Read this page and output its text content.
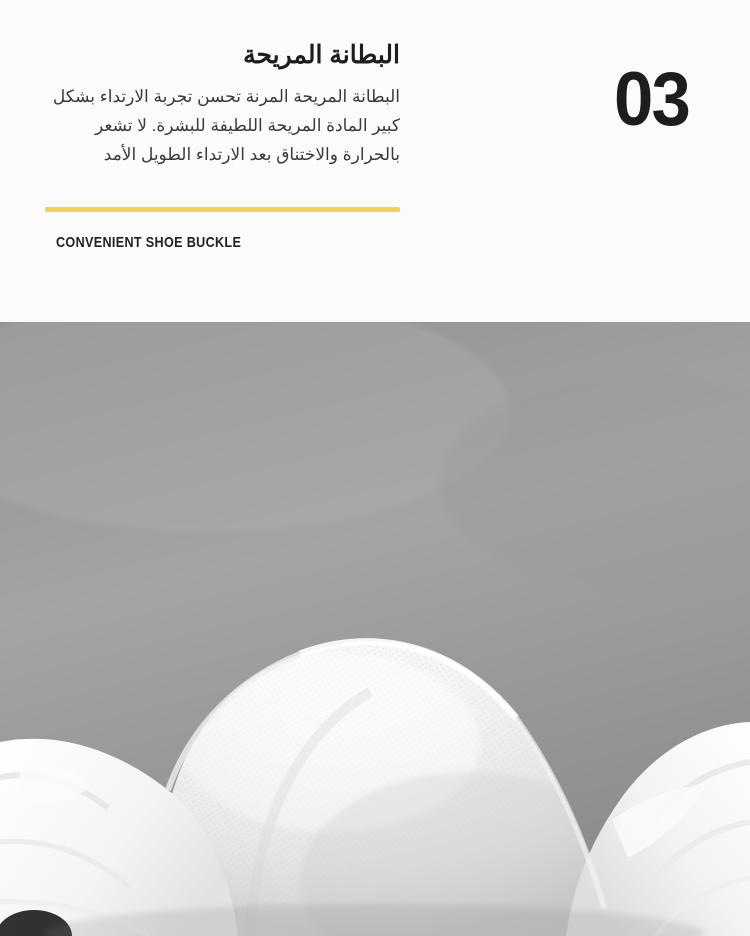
البطانة المريحة
البطانة المريحة المرنة تحسن تجربة الارتداء بشكل كبير المادة المريحة اللطيفة للبشرة. لا تشعر بالحرارة والاختناق بعد الارتداء الطويل الأمد
CONVENIENT SHOE BUCKLE
03
